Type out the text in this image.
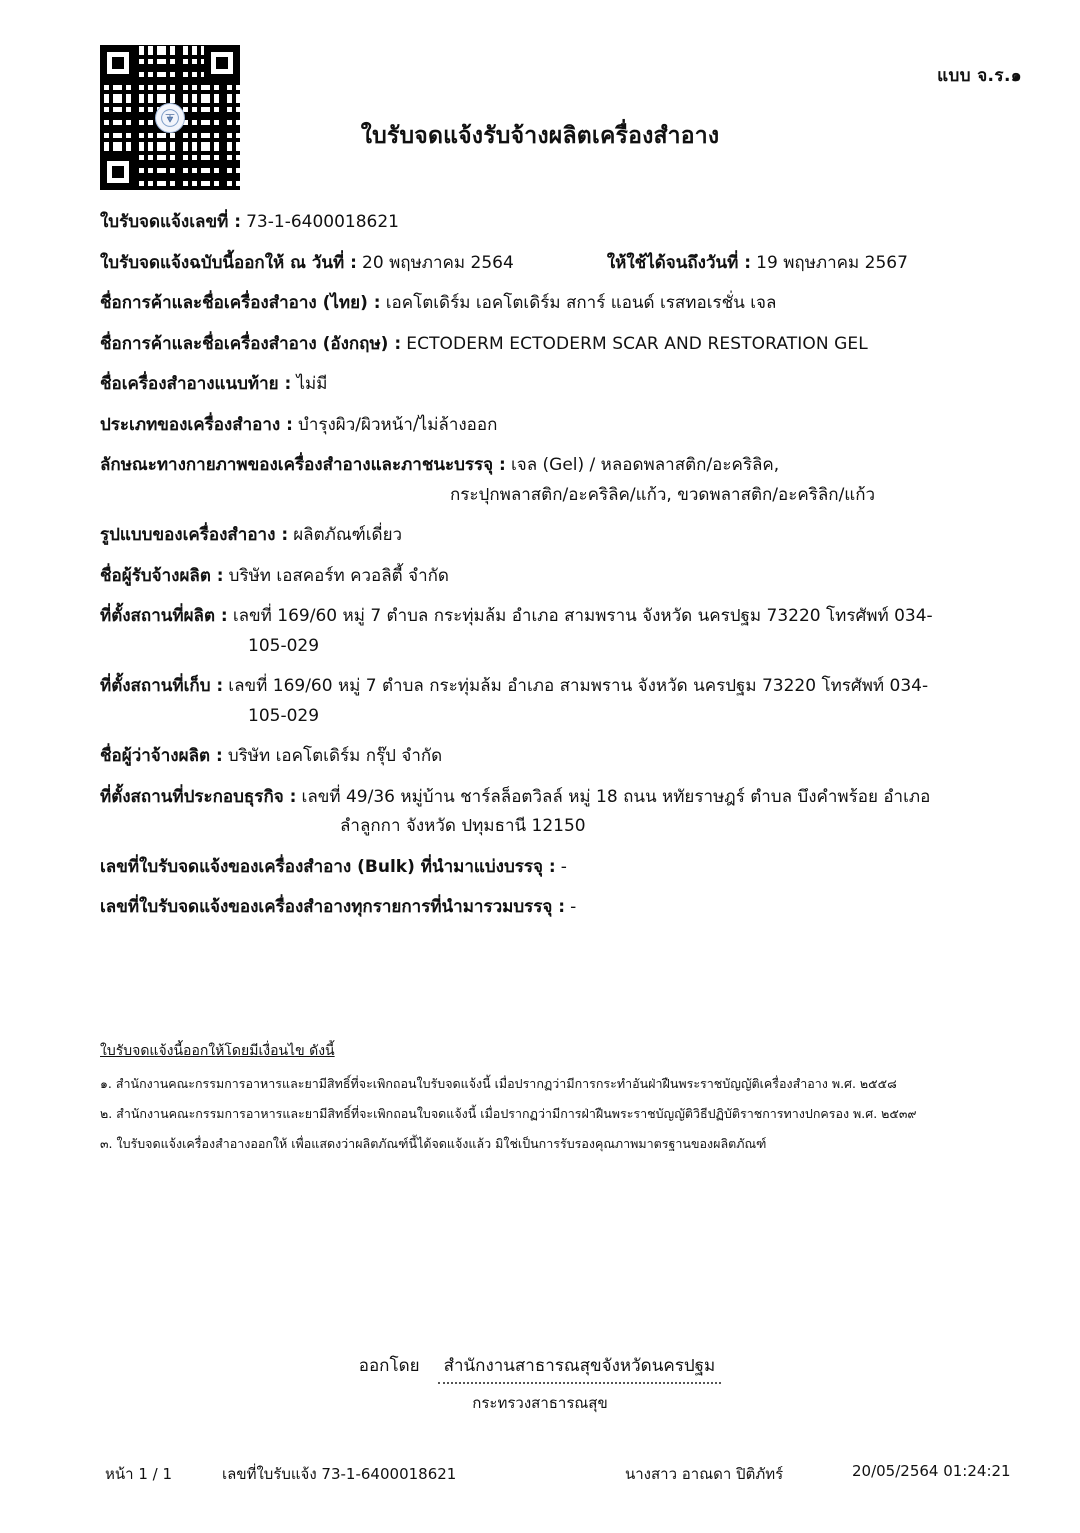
แบบ จ.ร.๑
ใบรับจดแจ้งรับจ้างผลิตเครื่องสำอาง
ใบรับจดแจ้งเลขที่ : 73-1-6400018621
ใบรับจดแจ้งฉบับนี้ออกให้ ณ วันที่ : 20 พฤษภาคม 2564	ให้ใช้ได้จนถึงวันที่ : 19 พฤษภาคม 2567
ชื่อการค้าและชื่อเครื่องสำอาง (ไทย) : เอคโตเดิร์ม เอคโตเดิร์ม สการ์ แอนด์ เรสทอเรชั่น เจล
ชื่อการค้าและชื่อเครื่องสำอาง (อังกฤษ) : ECTODERM ECTODERM SCAR AND RESTORATION GEL
ชื่อเครื่องสำอางแนบท้าย : ไม่มี
ประเภทของเครื่องสำอาง : บำรุงผิว/ผิวหน้า/ไม่ล้างออก
ลักษณะทางกายภาพของเครื่องสำอางและภาชนะบรรจุ : เจล (Gel) / หลอดพลาสติก/อะคริลิค,
กระปุกพลาสติก/อะคริลิค/แก้ว, ขวดพลาสติก/อะคริลิก/แก้ว
รูปแบบของเครื่องสำอาง : ผลิตภัณฑ์เดี่ยว
ชื่อผู้รับจ้างผลิต : บริษัท เอสคอร์ท ควอลิตี้ จำกัด
ที่ตั้งสถานที่ผลิต : เลขที่ 169/60 หมู่ 7 ตำบล กระทุ่มล้ม อำเภอ สามพราน จังหวัด นครปฐม 73220 โทรศัพท์ 034-
105-029
ที่ตั้งสถานที่เก็บ : เลขที่ 169/60 หมู่ 7 ตำบล กระทุ่มล้ม อำเภอ สามพราน จังหวัด นครปฐม 73220 โทรศัพท์ 034-
105-029
ชื่อผู้ว่าจ้างผลิต : บริษัท เอคโตเดิร์ม กรุ๊ป จำกัด
ที่ตั้งสถานที่ประกอบธุรกิจ : เลขที่ 49/36 หมู่บ้าน ชาร์ลล็อตวิลล์ หมู่ 18 ถนน หทัยราษฎร์ ตำบล บึงคำพร้อย อำเภอ
ลำลูกกา จังหวัด ปทุมธานี 12150
เลขที่ใบรับจดแจ้งของเครื่องสำอาง (Bulk) ที่นำมาแบ่งบรรจุ : -
เลขที่ใบรับจดแจ้งของเครื่องสำอางทุกรายการที่นำมารวมบรรจุ : -
ใบรับจดแจ้งนี้ออกให้โดยมีเงื่อนไข ดังนี้
๑. สำนักงานคณะกรรมการอาหารและยามีสิทธิ์ที่จะเพิกถอนใบรับจดแจ้งนี้ เมื่อปรากฏว่ามีการกระทำอันฝ่าฝืนพระราชบัญญัติเครื่องสำอาง พ.ศ. ๒๕๕๘
๒. สำนักงานคณะกรรมการอาหารและยามีสิทธิ์ที่จะเพิกถอนใบจดแจ้งนี้ เมื่อปรากฏว่ามีการฝ่าฝืนพระราชบัญญัติวิธีปฏิบัติราชการทางปกครอง พ.ศ. ๒๕๓๙
๓. ใบรับจดแจ้งเครื่องสำอางออกให้ เพื่อแสดงว่าผลิตภัณฑ์นี้ได้จดแจ้งแล้ว มิใช่เป็นการรับรองคุณภาพมาตรฐานของผลิตภัณฑ์
ออกโดย	สำนักงานสาธารณสุขจังหวัดนครปฐม
กระทรวงสาธารณสุข
หน้า 1 / 1	เลขที่ใบรับแจ้ง 73-1-6400018621	นางสาว อาณดา ปิติภัทร์	20/05/2564 01:24:21
